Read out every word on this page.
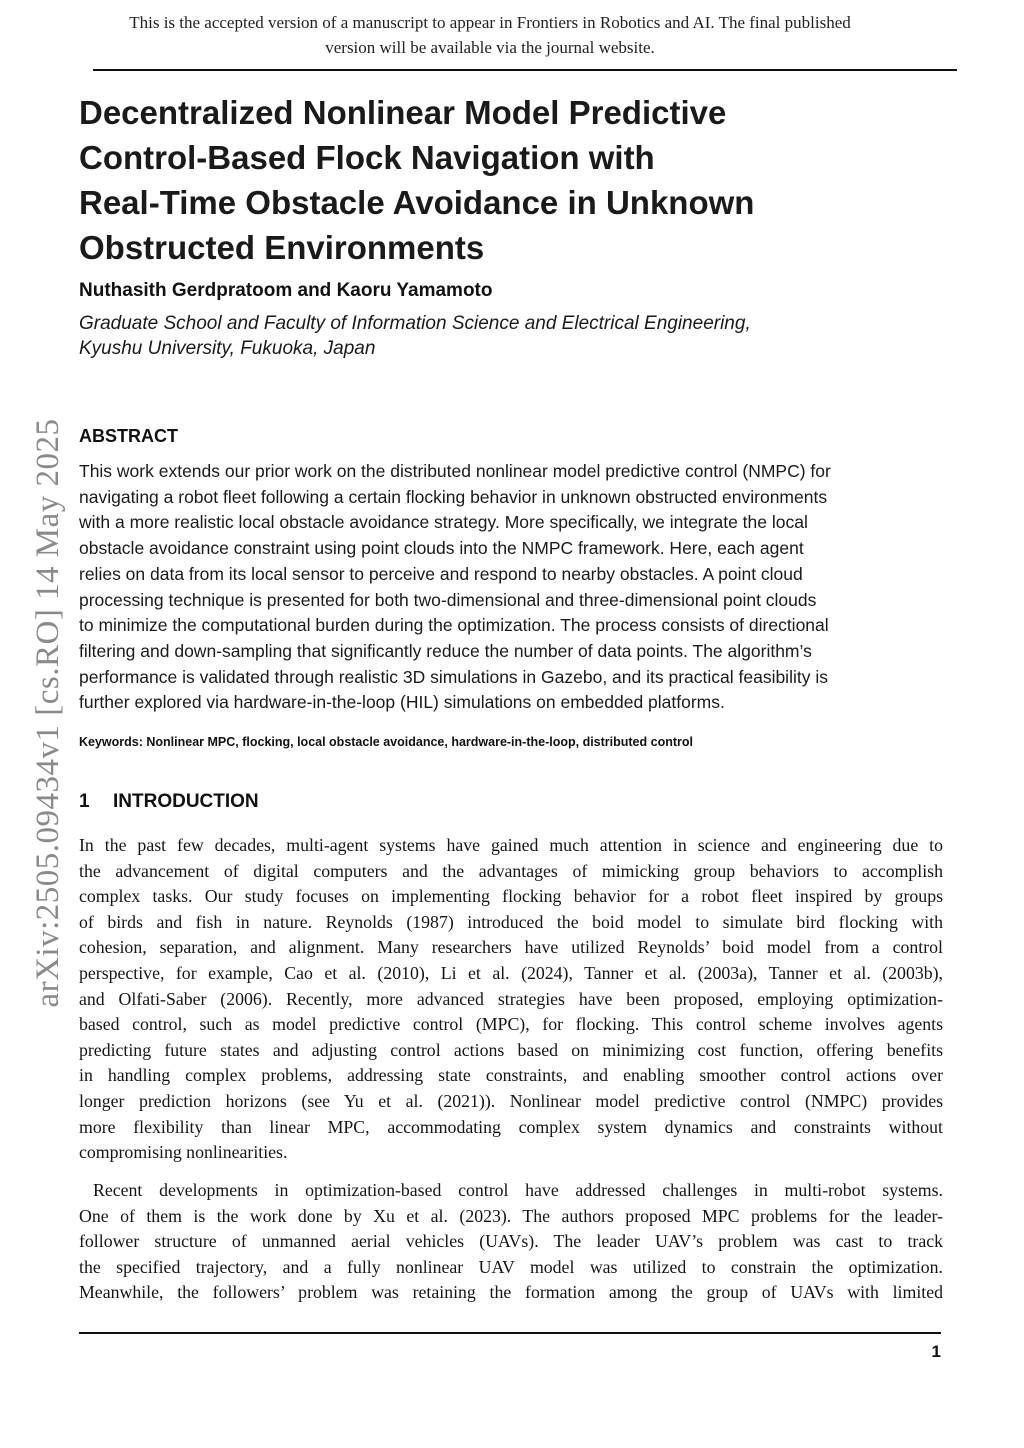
This is the accepted version of a manuscript to appear in Frontiers in Robotics and AI. The final published
version will be available via the journal website.
arXiv:2505.09434v1 [cs.RO] 14 May 2025
Decentralized Nonlinear Model Predictive
Control-Based Flock Navigation with
Real-Time Obstacle Avoidance in Unknown
Obstructed Environments
Nuthasith Gerdpratoom and Kaoru Yamamoto
Graduate School and Faculty of Information Science and Electrical Engineering,
Kyushu University, Fukuoka, Japan
ABSTRACT
This work extends our prior work on the distributed nonlinear model predictive control (NMPC) for
navigating a robot fleet following a certain flocking behavior in unknown obstructed environments
with a more realistic local obstacle avoidance strategy. More specifically, we integrate the local
obstacle avoidance constraint using point clouds into the NMPC framework. Here, each agent
relies on data from its local sensor to perceive and respond to nearby obstacles. A point cloud
processing technique is presented for both two-dimensional and three-dimensional point clouds
to minimize the computational burden during the optimization. The process consists of directional
filtering and down-sampling that significantly reduce the number of data points. The algorithm’s
performance is validated through realistic 3D simulations in Gazebo, and its practical feasibility is
further explored via hardware-in-the-loop (HIL) simulations on embedded platforms.
Keywords: Nonlinear MPC, flocking, local obstacle avoidance, hardware-in-the-loop, distributed control
1 INTRODUCTION
In the past few decades, multi-agent systems have gained much attention in science and engineering due to
the advancement of digital computers and the advantages of mimicking group behaviors to accomplish
complex tasks. Our study focuses on implementing flocking behavior for a robot fleet inspired by groups
of birds and fish in nature. Reynolds (1987) introduced the boid model to simulate bird flocking with
cohesion, separation, and alignment. Many researchers have utilized Reynolds’ boid model from a control
perspective, for example, Cao et al. (2010), Li et al. (2024), Tanner et al. (2003a), Tanner et al. (2003b),
and Olfati-Saber (2006). Recently, more advanced strategies have been proposed, employing optimization-
based control, such as model predictive control (MPC), for flocking. This control scheme involves agents
predicting future states and adjusting control actions based on minimizing cost function, offering benefits
in handling complex problems, addressing state constraints, and enabling smoother control actions over
longer prediction horizons (see Yu et al. (2021)). Nonlinear model predictive control (NMPC) provides
more flexibility than linear MPC, accommodating complex system dynamics and constraints without
compromising nonlinearities.
Recent developments in optimization-based control have addressed challenges in multi-robot systems.
One of them is the work done by Xu et al. (2023). The authors proposed MPC problems for the leader-
follower structure of unmanned aerial vehicles (UAVs). The leader UAV’s problem was cast to track
the specified trajectory, and a fully nonlinear UAV model was utilized to constrain the optimization.
Meanwhile, the followers’ problem was retaining the formation among the group of UAVs with limited
1
